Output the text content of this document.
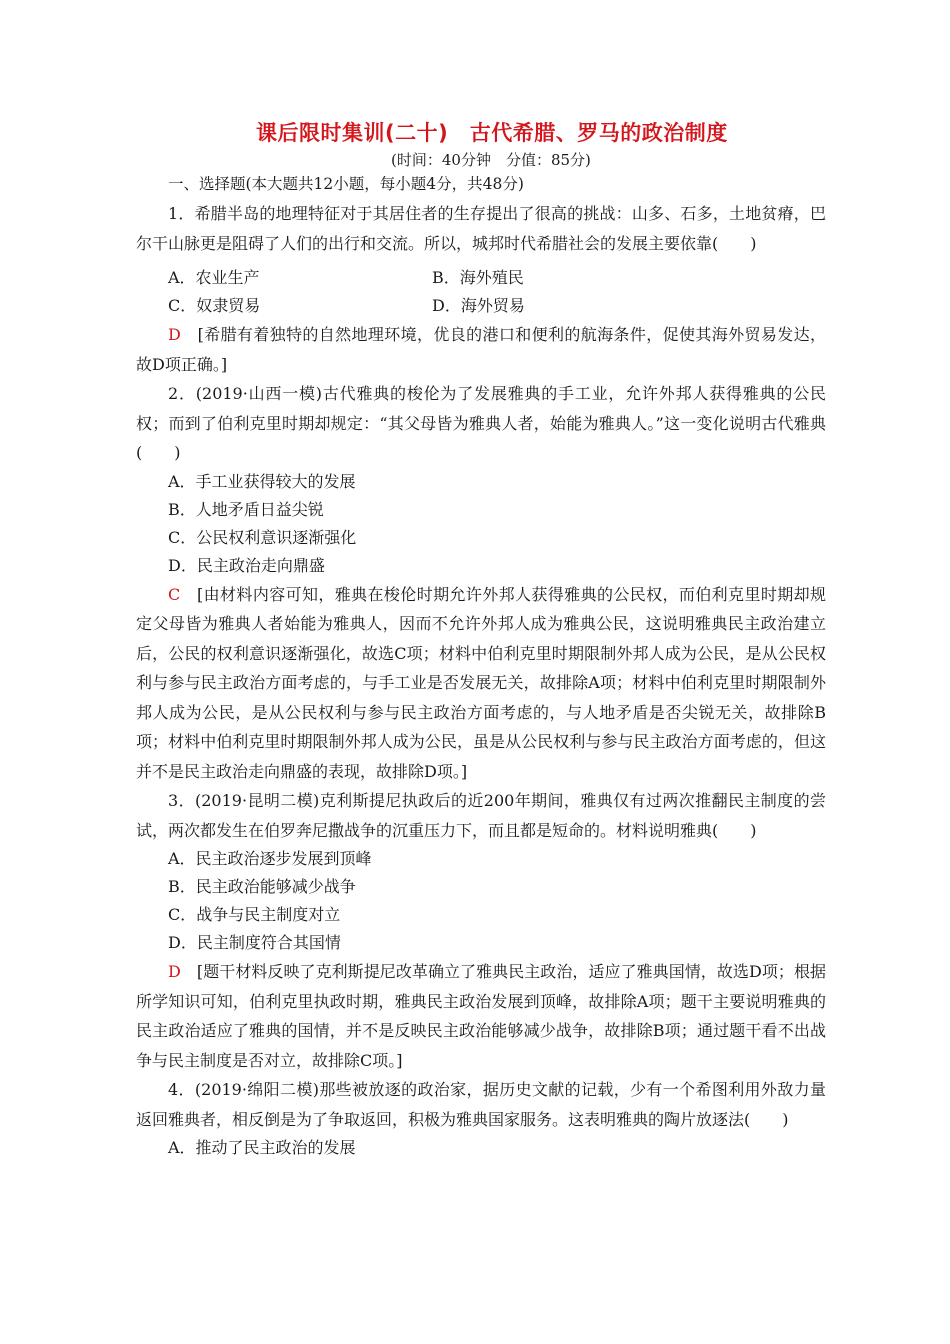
课后限时集训(二十)　古代希腊、罗马的政治制度
(时间：40分钟　分值：85分)
一、选择题(本大题共12小题，每小题4分，共48分)

1．希腊半岛的地理特征对于其居住者的生存提出了很高的挑战：山多、石多，土地贫瘠，巴尔干山脉更是阻碍了人们的出行和交流。所以，城邦时代希腊社会的发展主要依靠(　　)

A．农业生产	B．海外殖民
C．奴隶贸易	D．海外贸易

D　[希腊有着独特的自然地理环境，优良的港口和便利的航海条件，促使其海外贸易发达，故D项正确。]

2．(2019·山西一模)古代雅典的梭伦为了发展雅典的手工业，允许外邦人获得雅典的公民权；而到了伯利克里时期却规定：“其父母皆为雅典人者，始能为雅典人。”这一变化说明古代雅典(　　)

A．手工业获得较大的发展
B．人地矛盾日益尖锐
C．公民权利意识逐渐强化
D．民主政治走向鼎盛

C　[由材料内容可知，雅典在梭伦时期允许外邦人获得雅典的公民权，而伯利克里时期却规定父母皆为雅典人者始能为雅典人，因而不允许外邦人成为雅典公民，这说明雅典民主政治建立后，公民的权利意识逐渐强化，故选C项；材料中伯利克里时期限制外邦人成为公民，是从公民权利与参与民主政治方面考虑的，与手工业是否发展无关，故排除A项；材料中伯利克里时期限制外邦人成为公民，是从公民权利与参与民主政治方面考虑的，与人地矛盾是否尖锐无关，故排除B项；材料中伯利克里时期限制外邦人成为公民，虽是从公民权利与参与民主政治方面考虑的，但这并不是民主政治走向鼎盛的表现，故排除D项。]

3．(2019·昆明二模)克利斯提尼执政后的近200年期间，雅典仅有过两次推翻民主制度的尝试，两次都发生在伯罗奔尼撒战争的沉重压力下，而且都是短命的。材料说明雅典(　　)

A．民主政治逐步发展到顶峰
B．民主政治能够减少战争
C．战争与民主制度对立
D．民主制度符合其国情

D　[题干材料反映了克利斯提尼改革确立了雅典民主政治，适应了雅典国情，故选D项；根据所学知识可知，伯利克里执政时期，雅典民主政治发展到顶峰，故排除A项；题干主要说明雅典的民主政治适应了雅典的国情，并不是反映民主政治能够减少战争，故排除B项；通过题干看不出战争与民主制度是否对立，故排除C项。]

4．(2019·绵阳二模)那些被放逐的政治家，据历史文献的记载，少有一个希图利用外敌力量返回雅典者，相反倒是为了争取返回，积极为雅典国家服务。这表明雅典的陶片放逐法(　　)

A．推动了民主政治的发展
